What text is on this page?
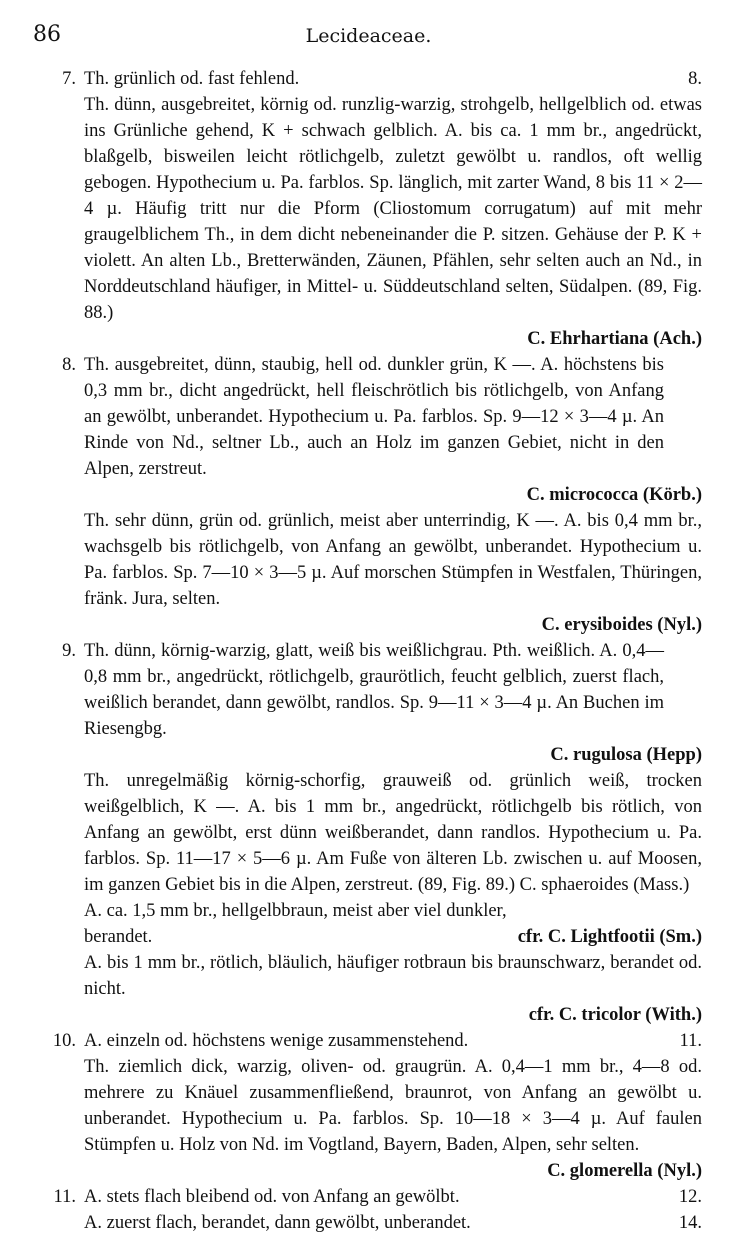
86	Lecideaceae.
7. Th. grünlich od. fast fehlend.	8.
Th. dünn, ausgebreitet, körnig od. runzlig-warzig, strohgelb, hellgelblich od. etwas ins Grünliche gehend, K + schwach gelblich. A. bis ca. 1 mm br., angedrückt, blaßgelb, bisweilen leicht rötlichgelb, zuletzt gewölbt u. randlos, oft wellig gebogen. Hypothecium u. Pa. farblos. Sp. länglich, mit zarter Wand, 8 bis 11 × 2—4 µ. Häufig tritt nur die Pform (Cliostomum corrugatum) auf mit mehr graugelblichem Th., in dem dicht nebeneinander die P. sitzen. Gehäuse der P. K + violett. An alten Lb., Bretterwänden, Zäunen, Pfählen, sehr selten auch an Nd., in Norddeutschland häufiger, in Mittel- u. Süddeutschland selten, Südalpen. (89, Fig. 88.)
C. Ehrhartiana (Ach.)
8. Th. ausgebreitet, dünn, staubig, hell od. dunkler grün, K —. A. höchstens bis 0,3 mm br., dicht angedrückt, hell fleischrötlich bis rötlichgelb, von Anfang an gewölbt, unberandet. Hypothecium u. Pa. farblos. Sp. 9—12 × 3—4 µ. An Rinde von Nd., seltner Lb., auch an Holz im ganzen Gebiet, nicht in den Alpen, zerstreut.
C. micrococca (Körb.)
Th. sehr dünn, grün od. grünlich, meist aber unterrindig, K —. A. bis 0,4 mm br., wachsgelb bis rötlichgelb, von Anfang an gewölbt, unberandet. Hypothecium u. Pa. farblos. Sp. 7—10 × 3—5 µ. Auf morschen Stümpfen in Westfalen, Thüringen, fränk. Jura, selten.
C. erysiboides (Nyl.)
9. Th. dünn, körnig-warzig, glatt, weiß bis weißlichgrau. Pth. weißlich. A. 0,4—0,8 mm br., angedrückt, rötlichgelb, graurötlich, feucht gelblich, zuerst flach, weißlich berandet, dann gewölbt, randlos. Sp. 9—11 × 3—4 µ. An Buchen im Riesengbg.
C. rugulosa (Hepp)
Th. unregelmäßig körnig-schorfig, grauweiß od. grünlich weiß, trocken weißgelblich, K —. A. bis 1 mm br., angedrückt, rötlichgelb bis rötlich, von Anfang an gewölbt, erst dünn weißberandet, dann randlos. Hypothecium u. Pa. farblos. Sp. 11—17 × 5—6 µ. Am Fuße von älteren Lb. zwischen u. auf Moosen, im ganzen Gebiet bis in die Alpen, zerstreut. (89, Fig. 89.) C. sphaeroides (Mass.)
A. ca. 1,5 mm br., hellgelbbraun, meist aber viel dunkler,
berandet.	cfr. C. Lightfootii (Sm.)
A. bis 1 mm br., rötlich, bläulich, häufiger rotbraun bis braunschwarz, berandet od. nicht.
cfr. C. tricolor (With.)
10. A. einzeln od. höchstens wenige zusammenstehend.	11.
Th. ziemlich dick, warzig, oliven- od. graugrün. A. 0,4—1 mm br., 4—8 od. mehrere zu Knäuel zusammenfließend, braunrot, von Anfang an gewölbt u. unberandet. Hypothecium u. Pa. farblos. Sp. 10—18 × 3—4 µ. Auf faulen Stümpfen u. Holz von Nd. im Vogtland, Bayern, Baden, Alpen, sehr selten.
C. glomerella (Nyl.)
11. A. stets flach bleibend od. von Anfang an gewölbt.	12.
A. zuerst flach, berandet, dann gewölbt, unberandet.	14.
